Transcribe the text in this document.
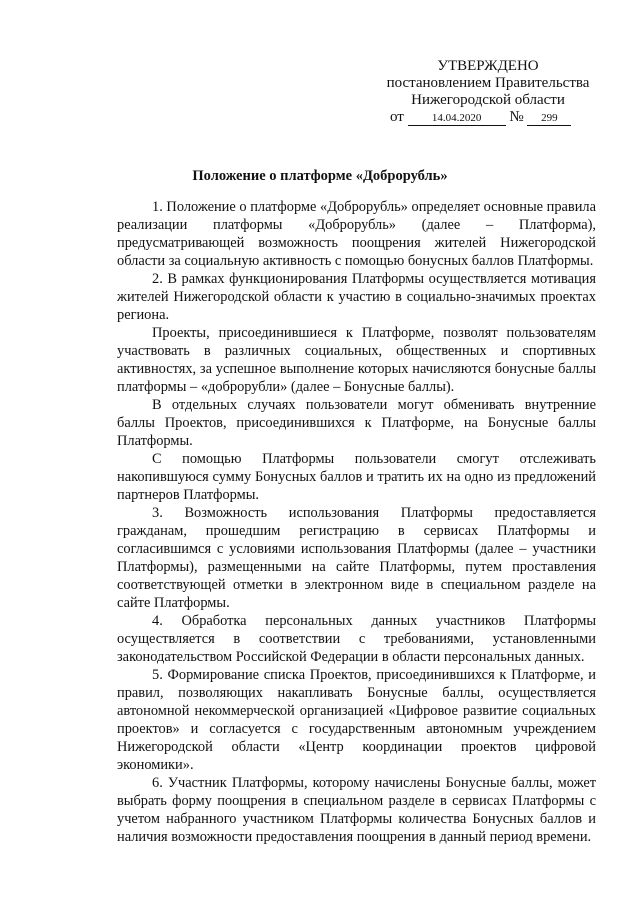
УТВЕРЖДЕНО
постановлением Правительства
Нижегородской области
от	14.04.2020 № 299
Положение о платформе «Доброрубль»

1. Положение о платформе «Доброрубль» определяет основные правила реализации платформы «Доброрубль» (далее – Платформа), предусматривающей возможность поощрения жителей Нижегородской области за социальную активность с помощью бонусных баллов Платформы.

2. В рамках функционирования Платформы осуществляется мотивация жителей Нижегородской области к участию в социально-значимых проектах региона.

Проекты, присоединившиеся к Платформе, позволят пользователям участвовать в различных социальных, общественных и спортивных активностях, за успешное выполнение которых начисляются бонусные баллы платформы – «доброрубли» (далее – Бонусные баллы).

В отдельных случаях пользователи могут обменивать внутренние баллы Проектов, присоединившихся к Платформе, на Бонусные баллы Платформы.

С помощью Платформы пользователи смогут отслеживать накопившуюся сумму Бонусных баллов и тратить их на одно из предложений партнеров Платформы.

3. Возможность использования Платформы предоставляется гражданам, прошедшим регистрацию в сервисах Платформы и согласившимся с условиями использования Платформы (далее – участники Платформы), размещенными на сайте Платформы, путем проставления соответствующей отметки в электронном виде в специальном разделе на сайте Платформы.

4. Обработка персональных данных участников Платформы осуществляется в соответствии с требованиями, установленными законодательством Российской Федерации в области персональных данных.

5. Формирование списка Проектов, присоединившихся к Платформе, и правил, позволяющих накапливать Бонусные баллы, осуществляется автономной некоммерческой организацией «Цифровое развитие социальных проектов» и согласуется с государственным автономным учреждением Нижегородской области «Центр координации проектов цифровой экономики».

6. Участник Платформы, которому начислены Бонусные баллы, может выбрать форму поощрения в специальном разделе в сервисах Платформы с учетом набранного участником Платформы количества Бонусных баллов и наличия возможности предоставления поощрения в данный период времени.
